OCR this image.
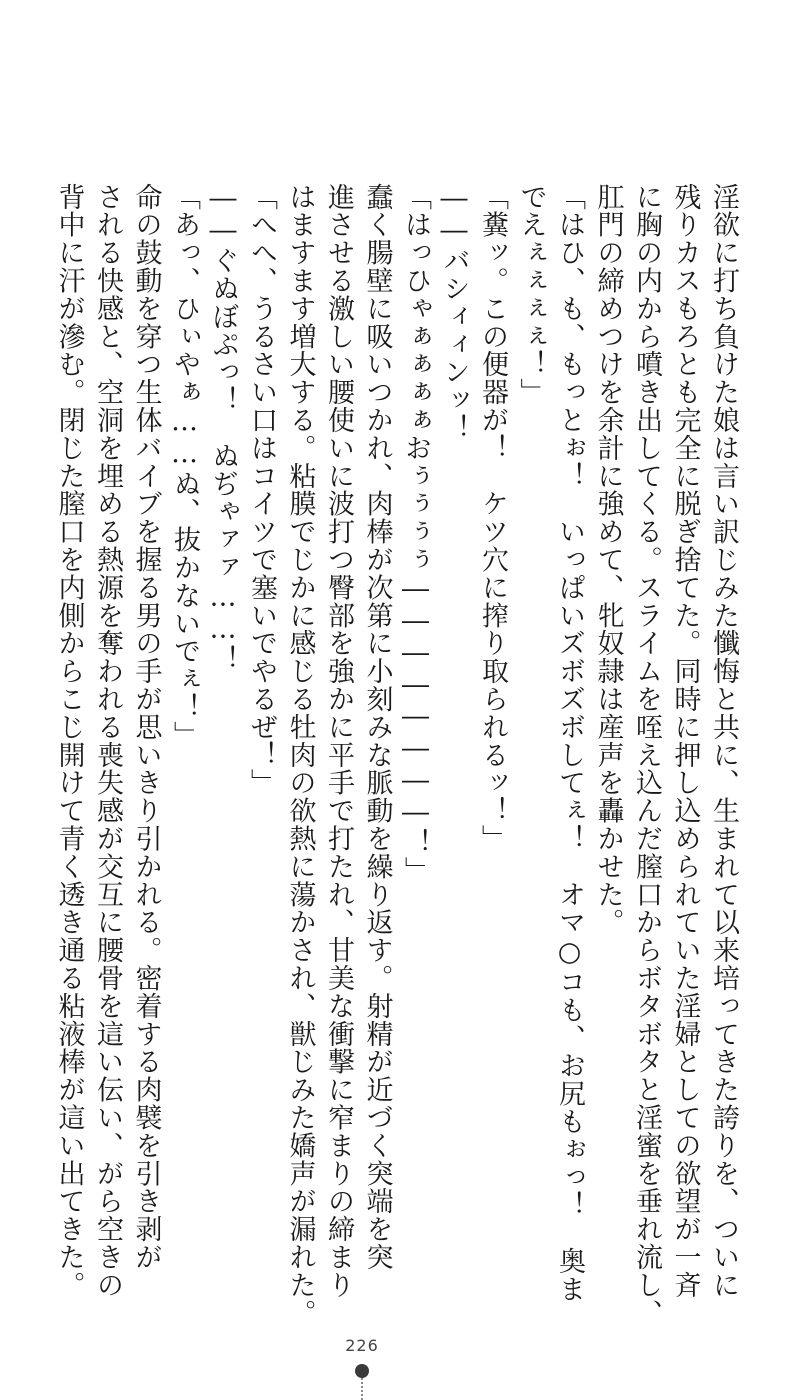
淫欲に打ち負けた娘は言い訳じみた懺悔と共に、生まれて以来培ってきた誇りを、ついに

残りカスもろとも完全に脱ぎ捨てた。同時に押し込められていた淫婦としての欲望が一斉

に胸の内から噴き出してくる。スライムを咥え込んだ膣口からボタボタと淫蜜を垂れ流し、

肛門の締めつけを余計に強めて、牝奴隷は産声を轟かせた。

「はひ、も、もっとぉ！　いっぱいズボズボしてぇ！　オマ○コも、お尻もぉっ！　奥ま

でえぇぇぇぇ！」

「糞ッ。この便器が！　ケツ穴に搾り取られるッ！」

――バシィィンッ！

「はっひゃぁぁぁぁおぅぅぅぅ――――――――！」

蠢く腸壁に吸いつかれ、肉棒が次第に小刻みな脈動を繰り返す。射精が近づく突端を突

進させる激しい腰使いに波打つ臀部を強かに平手で打たれ、甘美な衝撃に窄まりの締まり

はますます増大する。粘膜でじかに感じる牡肉の欲熱に蕩かされ、獣じみた嬌声が漏れた。

「へへ、うるさい口はコイツで塞いでやるぜ！」

――ぐぬぼぷっ！　ぬぢゃァァ……！

「あっ、ひぃやぁ……ぬ、抜かないでぇ！」

命の鼓動を穿つ生体バイブを握る男の手が思いきり引かれる。密着する肉襞を引き剥が

される快感と、空洞を埋める熱源を奪われる喪失感が交互に腰骨を這い伝い、がら空きの

背中に汗が滲む。閉じた膣口を内側からこじ開けて青く透き通る粘液棒が這い出てきた。

226
